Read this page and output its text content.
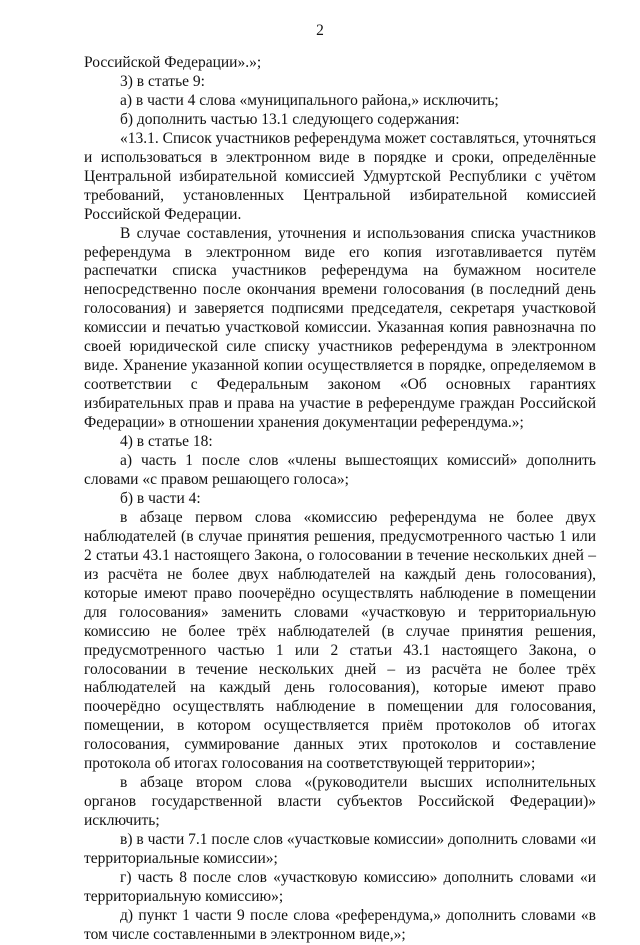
2

Российской Федерации».»;

3) в статье 9:

а) в части 4 слова «муниципального района,» исключить;

б) дополнить частью 13.1 следующего содержания:

«13.1. Список участников референдума может составляться, уточняться и использоваться в электронном виде в порядке и сроки, определённые Центральной избирательной комиссией Удмуртской Республики с учётом требований, установленных Центральной избирательной комиссией Российской Федерации.

В случае составления, уточнения и использования списка участников референдума в электронном виде его копия изготавливается путём распечатки списка участников референдума на бумажном носителе непосредственно после окончания времени голосования (в последний день голосования) и заверяется подписями председателя, секретаря участковой комиссии и печатью участковой комиссии. Указанная копия равнозначна по своей юридической силе списку участников референдума в электронном виде. Хранение указанной копии осуществляется в порядке, определяемом в соответствии с Федеральным законом «Об основных гарантиях избирательных прав и права на участие в референдуме граждан Российской Федерации» в отношении хранения документации референдума.»;

4) в статье 18:

а) часть 1 после слов «члены вышестоящих комиссий» дополнить словами «с правом решающего голоса»;

б) в части 4:

в абзаце первом слова «комиссию референдума не более двух наблюдателей (в случае принятия решения, предусмотренного частью 1 или 2 статьи 43.1 настоящего Закона, о голосовании в течение нескольких дней – из расчёта не более двух наблюдателей на каждый день голосования), которые имеют право поочерёдно осуществлять наблюдение в помещении для голосования» заменить словами «участковую и территориальную комиссию не более трёх наблюдателей (в случае принятия решения, предусмотренного частью 1 или 2 статьи 43.1 настоящего Закона, о голосовании в течение нескольких дней – из расчёта не более трёх наблюдателей на каждый день голосования), которые имеют право поочерёдно осуществлять наблюдение в помещении для голосования, помещении, в котором осуществляется приём протоколов об итогах голосования, суммирование данных этих протоколов и составление протокола об итогах голосования на соответствующей территории»;

в абзаце втором слова «(руководители высших исполнительных органов государственной власти субъектов Российской Федерации)» исключить;

в) в части 7.1 после слов «участковые комиссии» дополнить словами «и территориальные комиссии»;

г) часть 8 после слов «участковую комиссию» дополнить словами «и территориальную комиссию»;

д) пункт 1 части 9 после слова «референдума,» дополнить словами «в том числе составленными в электронном виде,»;
